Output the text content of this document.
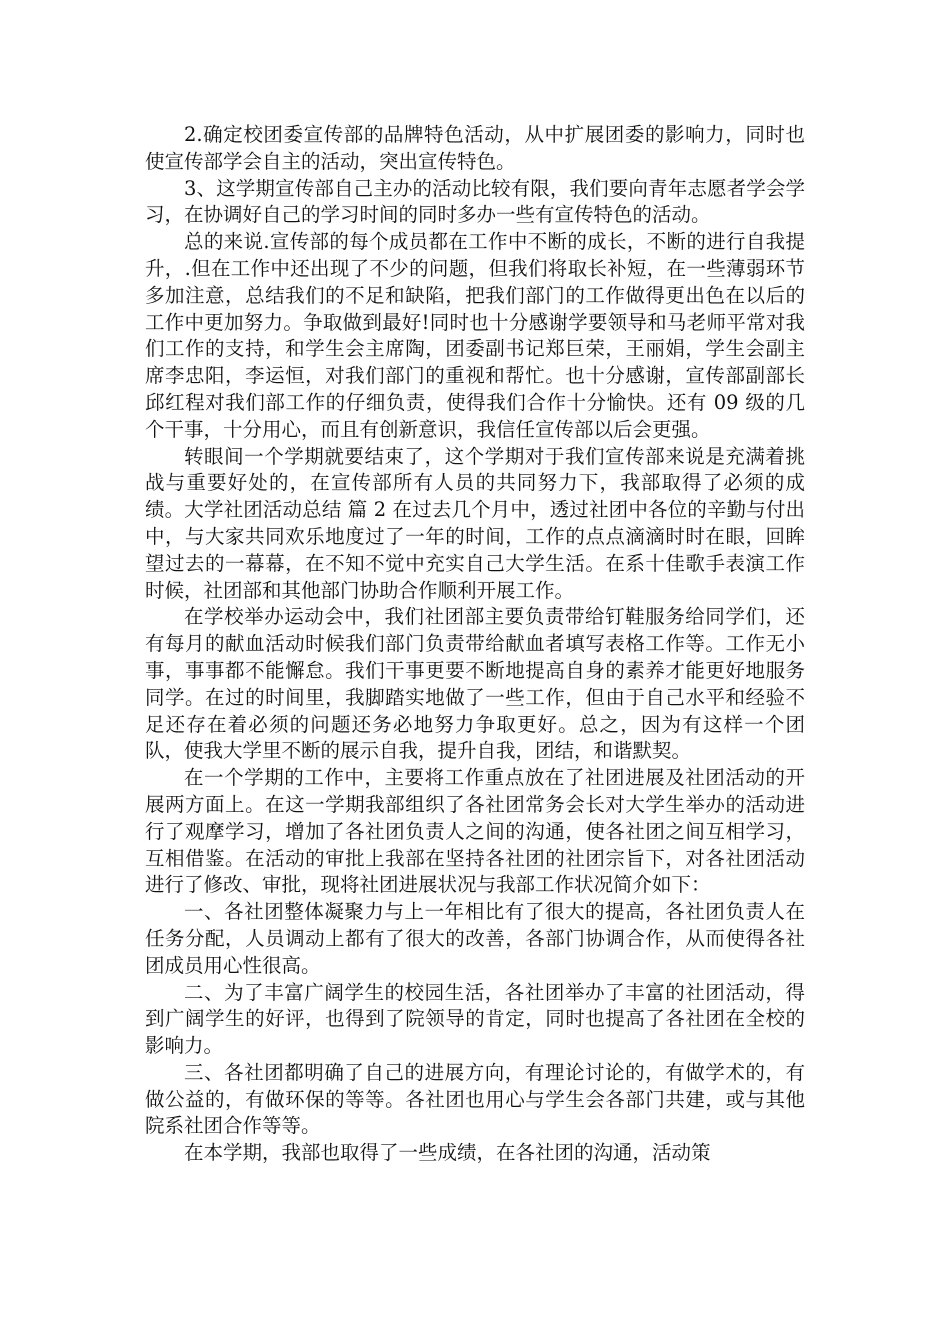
2.确定校团委宣传部的品牌特色活动，从中扩展团委的影响力，同时也使宣传部学会自主的活动，突出宣传特色。

3、这学期宣传部自己主办的活动比较有限，我们要向青年志愿者学会学习，在协调好自己的学习时间的同时多办一些有宣传特色的活动。

总的来说.宣传部的每个成员都在工作中不断的成长，不断的进行自我提升，.但在工作中还出现了不少的问题，但我们将取长补短，在一些薄弱环节多加注意，总结我们的不足和缺陷，把我们部门的工作做得更出色在以后的工作中更加努力。争取做到最好!同时也十分感谢学要领导和马老师平常对我们工作的支持，和学生会主席陶，团委副书记郑巨荣，王丽娟，学生会副主席李忠阳，李运恒，对我们部门的重视和帮忙。也十分感谢，宣传部副部长邱红程对我们部工作的仔细负责，使得我们合作十分愉快。还有 09 级的几个干事，十分用心，而且有创新意识，我信任宣传部以后会更强。

转眼间一个学期就要结束了，这个学期对于我们宣传部来说是充满着挑战与重要好处的，在宣传部所有人员的共同努力下，我部取得了必须的成绩。大学社团活动总结 篇 2 在过去几个月中，透过社团中各位的辛勤与付出中，与大家共同欢乐地度过了一年的时间，工作的点点滴滴时时在眼，回眸望过去的一幕幕，在不知不觉中充实自己大学生活。在系十佳歌手表演工作时候，社团部和其他部门协助合作顺利开展工作。

在学校举办运动会中，我们社团部主要负责带给钉鞋服务给同学们，还有每月的献血活动时候我们部门负责带给献血者填写表格工作等。工作无小事，事事都不能懈怠。我们干事更要不断地提高自身的素养才能更好地服务同学。在过的时间里，我脚踏实地做了一些工作，但由于自己水平和经验不足还存在着必须的问题还务必地努力争取更好。总之，因为有这样一个团队，使我大学里不断的展示自我，提升自我，团结，和谐默契。

在一个学期的工作中，主要将工作重点放在了社团进展及社团活动的开展两方面上。在这一学期我部组织了各社团常务会长对大学生举办的活动进行了观摩学习，增加了各社团负责人之间的沟通，使各社团之间互相学习，互相借鉴。在活动的审批上我部在坚持各社团的社团宗旨下，对各社团活动进行了修改、审批，现将社团进展状况与我部工作状况简介如下：

一、各社团整体凝聚力与上一年相比有了很大的提高，各社团负责人在任务分配，人员调动上都有了很大的改善，各部门协调合作，从而使得各社团成员用心性很高。

二、为了丰富广阔学生的校园生活，各社团举办了丰富的社团活动，得到广阔学生的好评，也得到了院领导的肯定，同时也提高了各社团在全校的影响力。

三、各社团都明确了自己的进展方向，有理论讨论的，有做学术的，有做公益的，有做环保的等等。各社团也用心与学生会各部门共建，或与其他院系社团合作等等。

在本学期，我部也取得了一些成绩，在各社团的沟通，活动策
